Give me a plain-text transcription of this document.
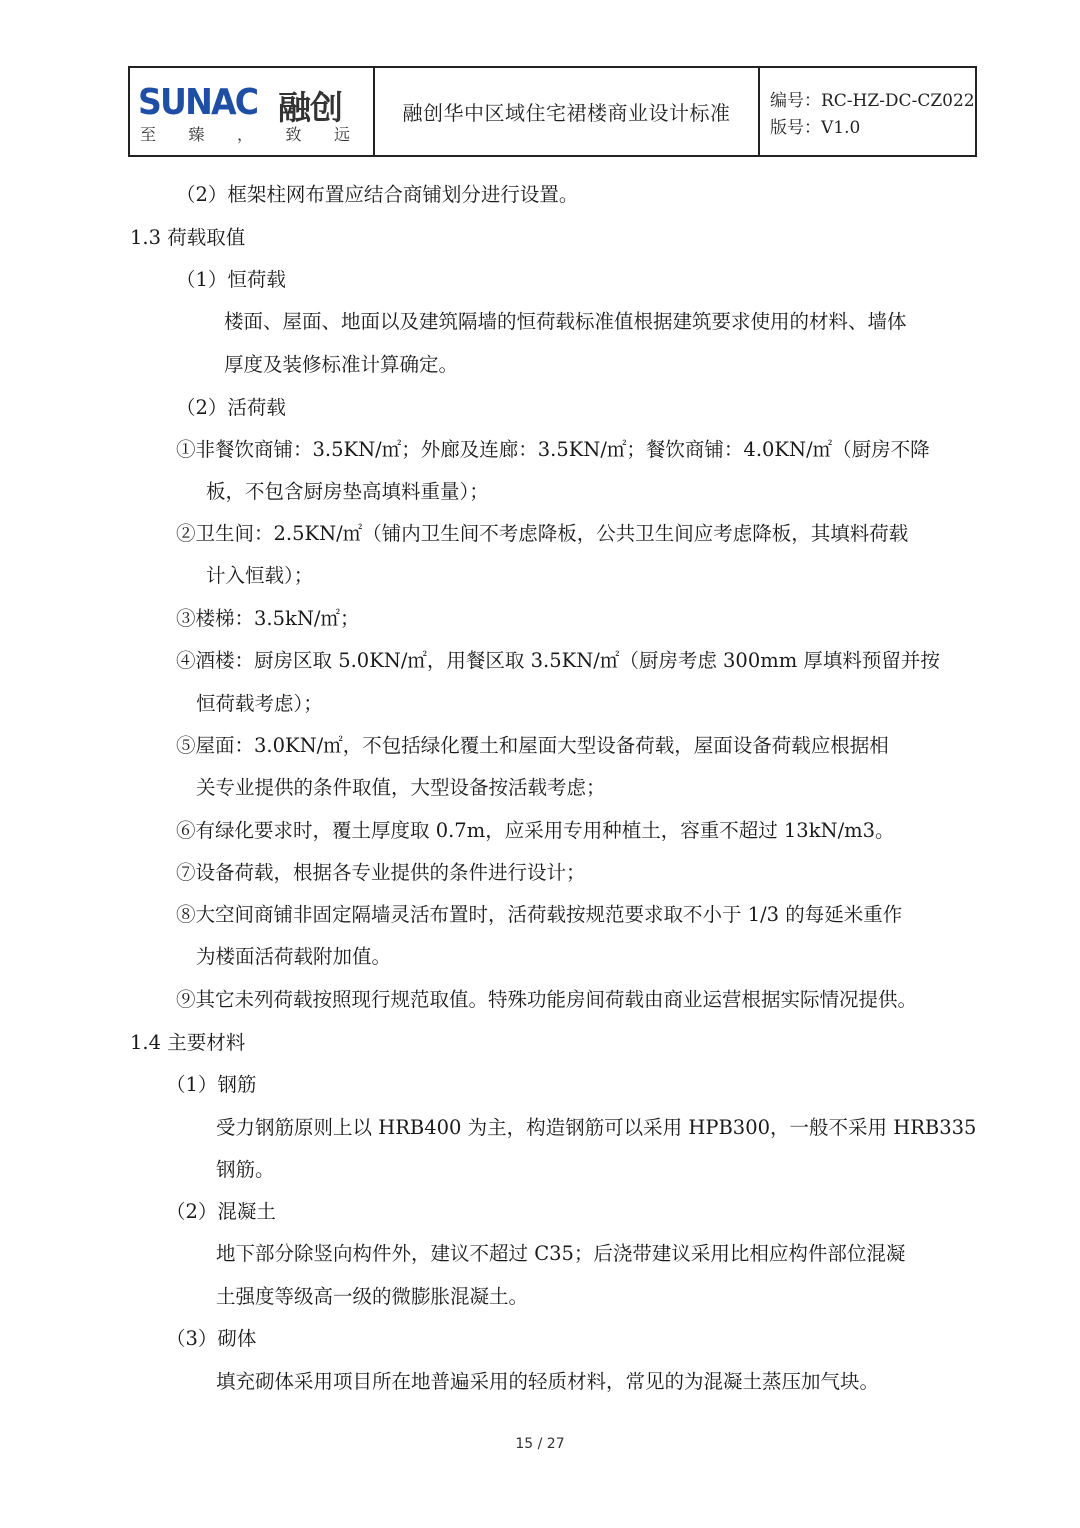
SUNAC 融创
至 臻 ， 致 远
融创华中区域住宅裙楼商业设计标准	编号：RC-HZ-DC-CZ022
版号：V1.0
（2）框架柱网布置应结合商铺划分进行设置。
1.3 荷载取值
（1）恒荷载
楼面、屋面、地面以及建筑隔墙的恒荷载标准值根据建筑要求使用的材料、墙体
厚度及装修标准计算确定。
（2）活荷载
①非餐饮商铺：3.5KN/㎡；外廊及连廊：3.5KN/㎡；餐饮商铺：4.0KN/㎡（厨房不降
板，不包含厨房垫高填料重量）；
②卫生间：2.5KN/㎡（铺内卫生间不考虑降板，公共卫生间应考虑降板，其填料荷载
计入恒载）；
③楼梯：3.5kN/㎡；
④酒楼：厨房区取 5.0KN/㎡，用餐区取 3.5KN/㎡（厨房考虑 300mm 厚填料预留并按
恒荷载考虑）；
⑤屋面：3.0KN/㎡，不包括绿化覆土和屋面大型设备荷载，屋面设备荷载应根据相
关专业提供的条件取值，大型设备按活载考虑；
⑥有绿化要求时，覆土厚度取 0.7m，应采用专用种植土，容重不超过 13kN/m3。
⑦设备荷载，根据各专业提供的条件进行设计；
⑧大空间商铺非固定隔墙灵活布置时，活荷载按规范要求取不小于 1/3 的每延米重作
为楼面活荷载附加值。
⑨其它未列荷载按照现行规范取值。特殊功能房间荷载由商业运营根据实际情况提供。
1.4 主要材料
（1）钢筋
受力钢筋原则上以 HRB400 为主，构造钢筋可以采用 HPB300，一般不采用 HRB335
钢筋。
（2）混凝土
地下部分除竖向构件外，建议不超过 C35；后浇带建议采用比相应构件部位混凝
土强度等级高一级的微膨胀混凝土。
（3）砌体
填充砌体采用项目所在地普遍采用的轻质材料，常见的为混凝土蒸压加气块。
15 / 27
